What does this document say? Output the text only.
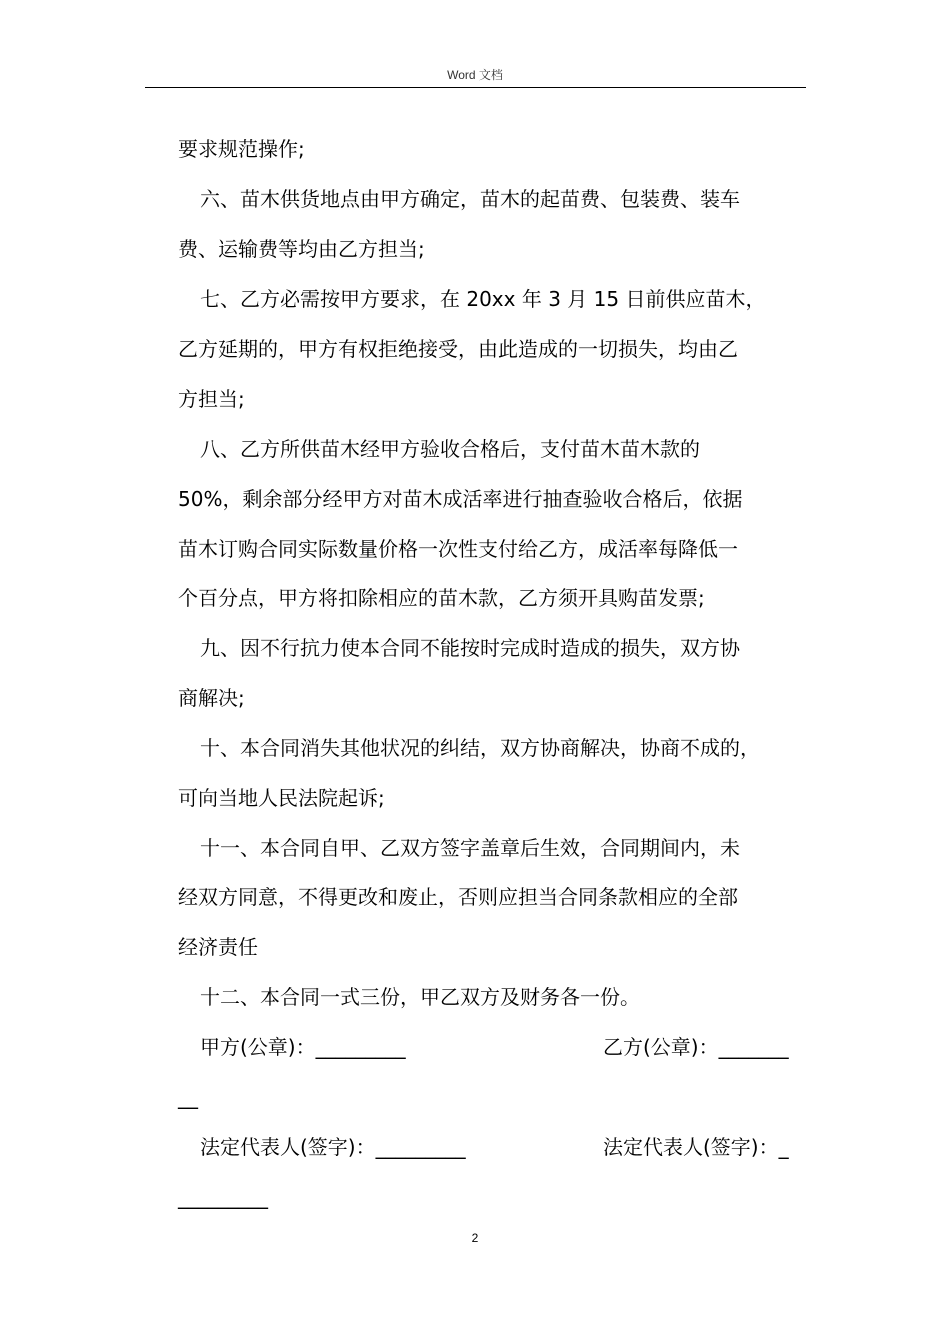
Word 文档
要求规范操作;
六、苗木供货地点由甲方确定，苗木的起苗费、包装费、装车
费、运输费等均由乙方担当;
七、乙方必需按甲方要求，在 20xx 年 3 月 15 日前供应苗木，
乙方延期的，甲方有权拒绝接受，由此造成的一切损失，均由乙
方担当;
八、乙方所供苗木经甲方验收合格后，支付苗木苗木款的
50%，剩余部分经甲方对苗木成活率进行抽查验收合格后，依据
苗木订购合同实际数量价格一次性支付给乙方，成活率每降低一
个百分点，甲方将扣除相应的苗木款，乙方须开具购苗发票;
九、因不行抗力使本合同不能按时完成时造成的损失，双方协
商解决;
十、本合同消失其他状况的纠结，双方协商解决，协商不成的，
可向当地人民法院起诉;
十一、本合同自甲、乙双方签字盖章后生效，合同期间内，未
经双方同意，不得更改和废止，否则应担当合同条款相应的全部
经济责任
十二、本合同一式三份，甲乙双方及财务各一份。
甲方(公章)：_________	乙方(公章)：_______
__
法定代表人(签字)：_________	法定代表人(签字)：_
_________
2
